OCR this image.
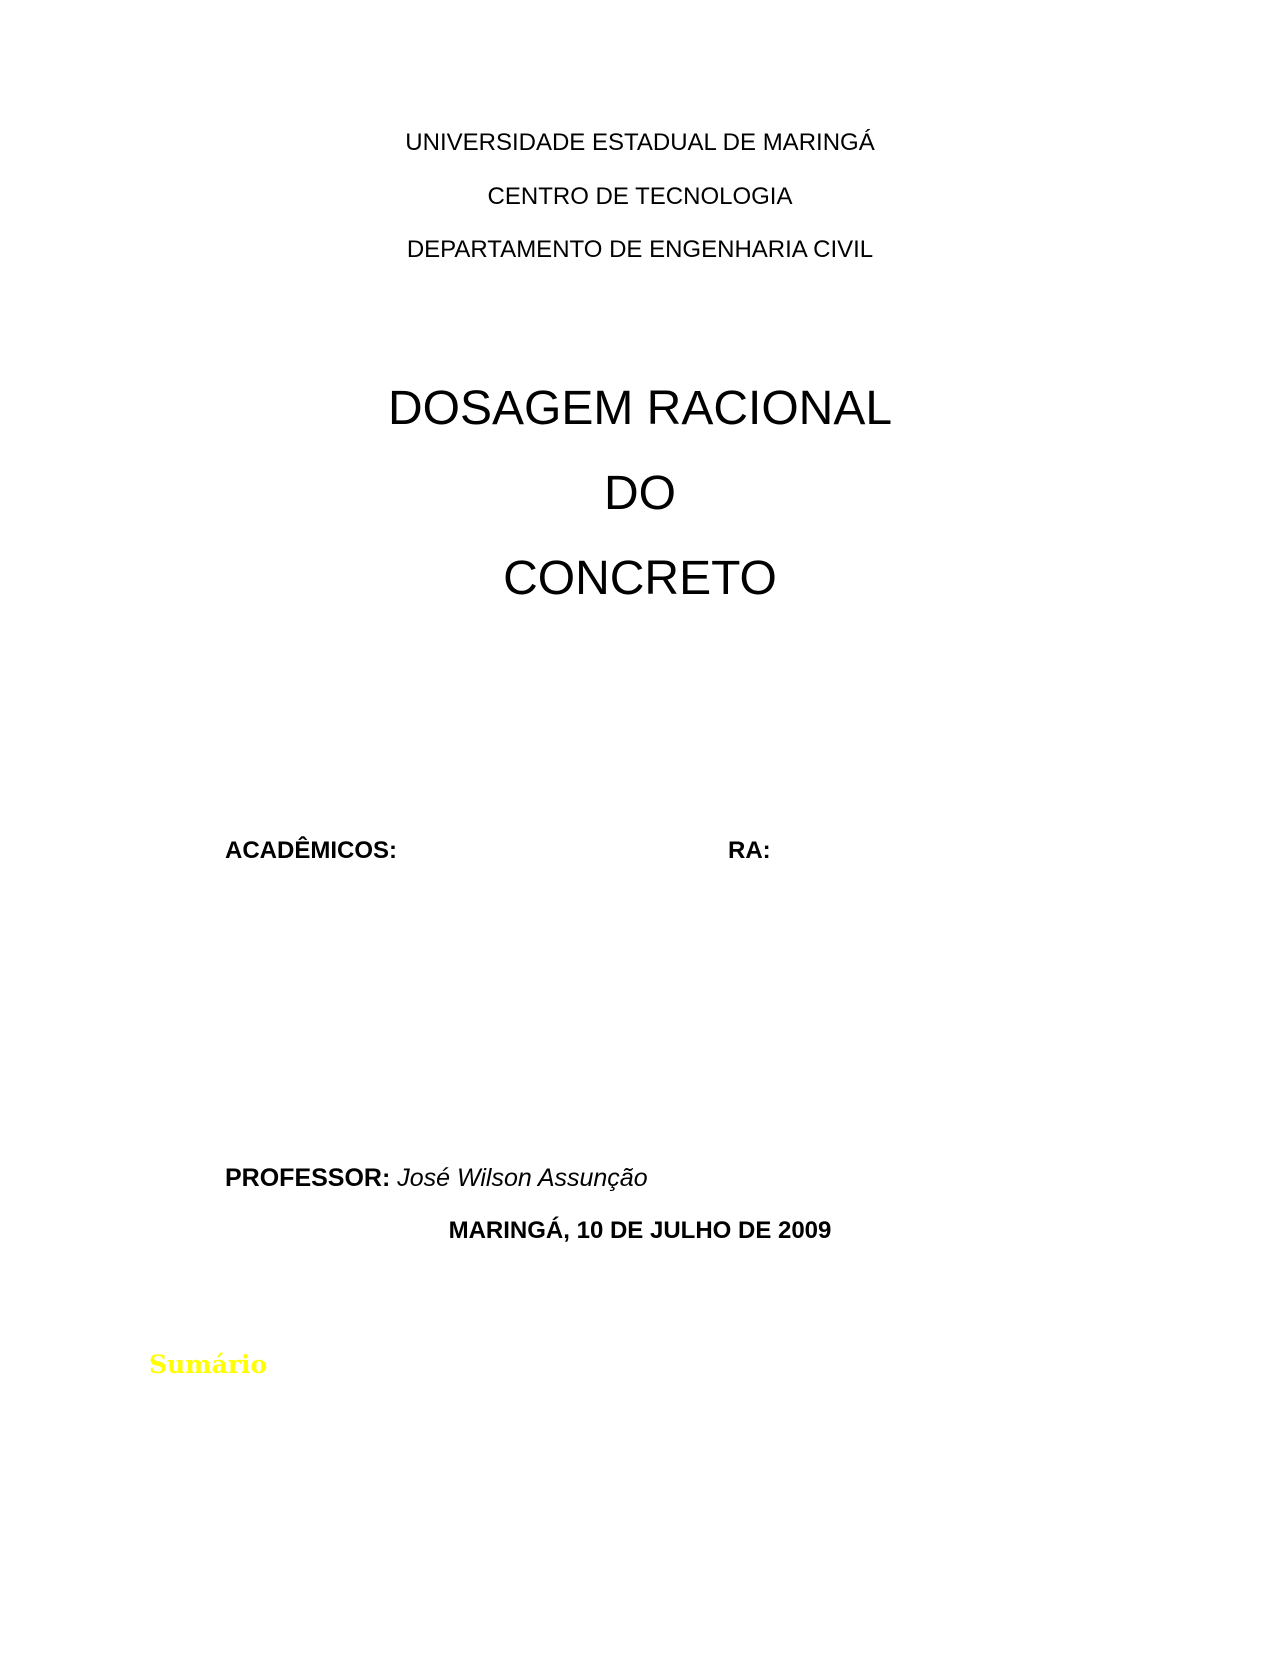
UNIVERSIDADE ESTADUAL DE MARINGÁ
CENTRO DE TECNOLOGIA
DEPARTAMENTO DE ENGENHARIA CIVIL
DOSAGEM RACIONAL
DO
CONCRETO
ACADÊMICOS:	RA:
PROFESSOR: José Wilson Assunção
MARINGÁ, 10 DE JULHO DE 2009
Sumário
